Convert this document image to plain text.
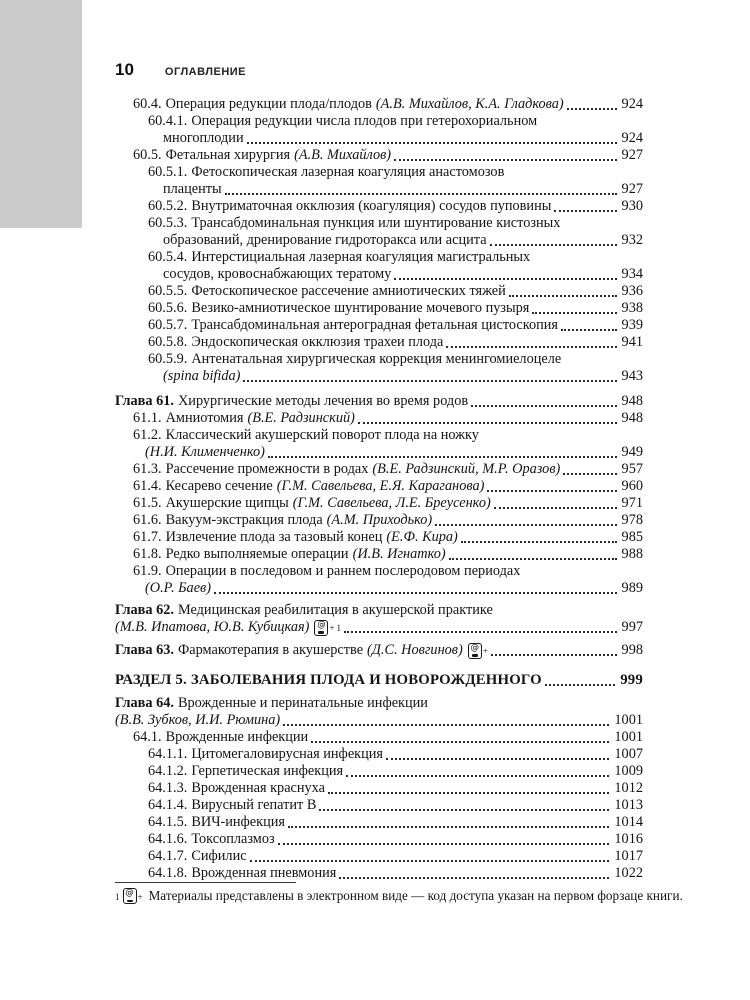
10	ОГЛАВЛЕНИЕ
60.4. Операция редукции плода/плодов (А.В. Михайлов, К.А. Гладкова)	924
60.4.1. Операция редукции числа плодов при гетерохориальном
многоплодии	924
60.5. Фетальная хирургия (А.В. Михайлов)	927
60.5.1. Фетоскопическая лазерная коагуляция анастомозов
плаценты	927
60.5.2. Внутриматочная окклюзия (коагуляция) сосудов пуповины	930
60.5.3. Трансабдоминальная пункция или шунтирование кистозных
образований, дренирование гидроторакса или асцита	932
60.5.4. Интерстициальная лазерная коагуляция магистральных
сосудов, кровоснабжающих тератому	934
60.5.5. Фетоскопическое рассечение амниотических тяжей	936
60.5.6. Везико-амниотическое шунтирование мочевого пузыря	938
60.5.7. Трансабдоминальная антероградная фетальная цистоскопия	939
60.5.8. Эндоскопическая окклюзия трахеи плода	941
60.5.9. Антенатальная хирургическая коррекция менингомиелоцеле
(spina bifida)	943
Глава 61. Хирургические методы лечения во время родов	948
61.1. Амниотомия (В.Е. Радзинский)	948
61.2. Классический акушерский поворот плода на ножку
(Н.И. Клименченко)	949
61.3. Рассечение промежности в родах (В.Е. Радзинский, М.Р. Оразов)	957
61.4. Кесарево сечение (Г.М. Савельева, Е.Я. Караганова)	960
61.5. Акушерские щипцы (Г.М. Савельева, Л.Е. Бреусенко)	971
61.6. Вакуум-экстракция плода (А.М. Приходько)	978
61.7. Извлечение плода за тазовый конец (Е.Ф. Кира)	985
61.8. Редко выполняемые операции (И.В. Игнатко)	988
61.9. Операции в последовом и раннем послеродовом периодах
(О.Р. Баев)	989
Глава 62. Медицинская реабилитация в акушерской практике
(М.В. Ипатова, Ю.В. Кубицкая) @ + 1	997
Глава 63. Фармакотерапия в акушерстве (Д.С. Новгинов) @ +	998
РАЗДЕЛ 5. ЗАБОЛЕВАНИЯ ПЛОДА И НОВОРОЖДЕННОГО	999
Глава 64. Врожденные и перинатальные инфекции
(В.В. Зубков, И.И. Рюмина)	1001
64.1. Врожденные инфекции	1001
64.1.1. Цитомегаловирусная инфекция	1007
64.1.2. Герпетическая инфекция	1009
64.1.3. Врожденная краснуха	1012
64.1.4. Вирусный гепатит В	1013
64.1.5. ВИЧ-инфекция	1014
64.1.6. Токсоплазмоз	1016
64.1.7. Сифилис	1017
64.1.8. Врожденная пневмония	1022
1 @ + Материалы представлены в электронном виде — код доступа указан на первом форзаце книги.
